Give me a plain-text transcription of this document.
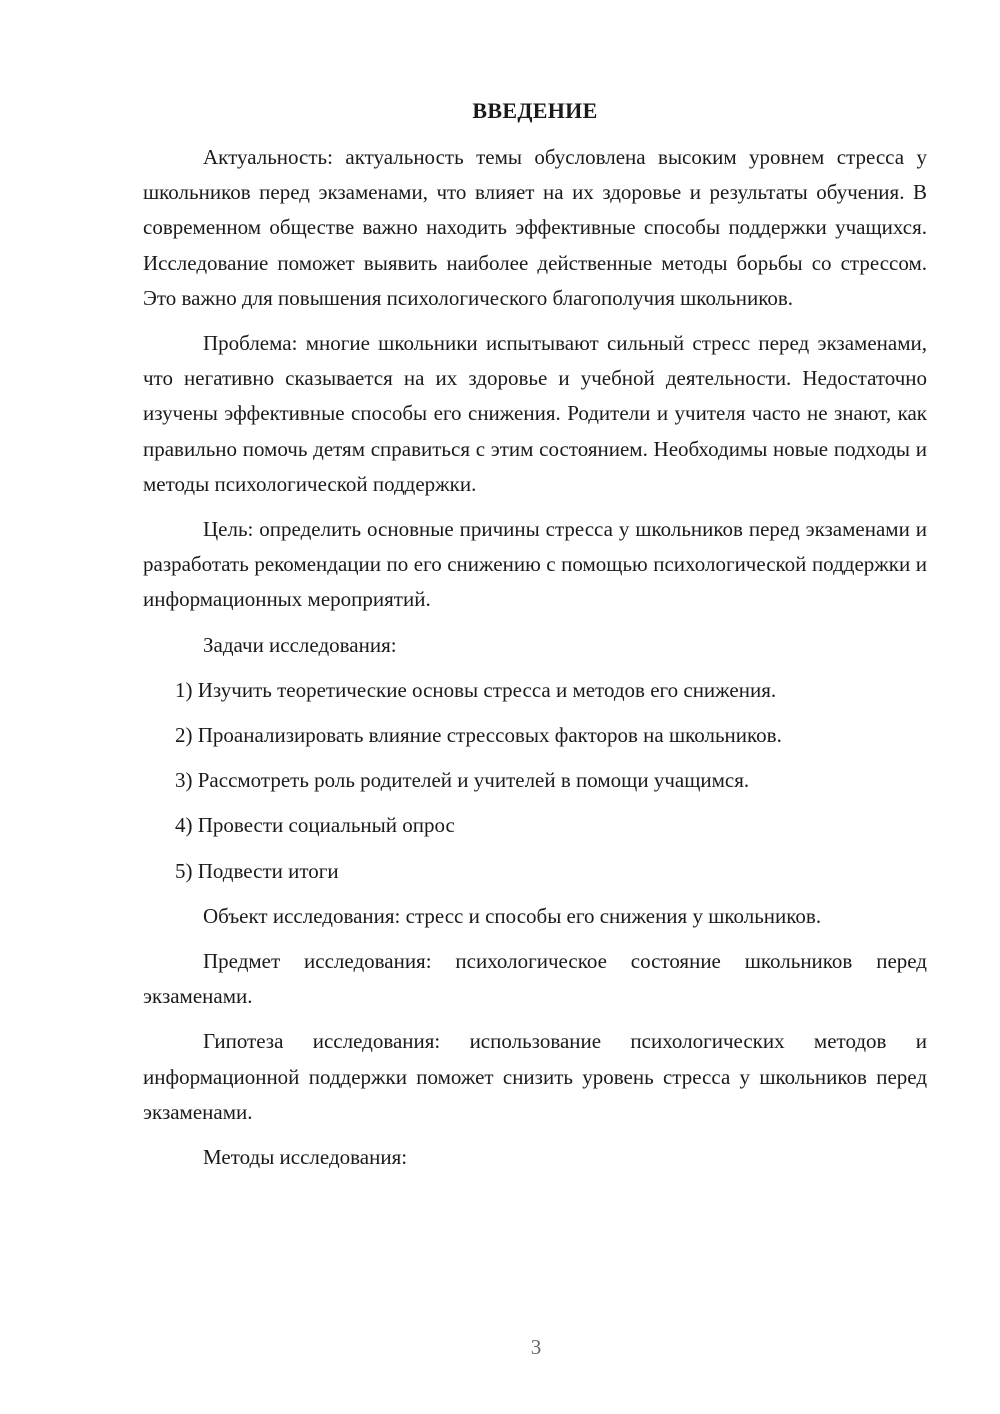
ВВЕДЕНИЕ

Актуальность: актуальность темы обусловлена высоким уровнем стресса у школьников перед экзаменами, что влияет на их здоровье и результаты обучения. В современном обществе важно находить эффективные способы поддержки учащихся. Исследование поможет выявить наиболее действенные методы борьбы со стрессом. Это важно для повышения психологического благополучия школьников.

Проблема: многие школьники испытывают сильный стресс перед экзаменами, что негативно сказывается на их здоровье и учебной деятельности. Недостаточно изучены эффективные способы его снижения. Родители и учителя часто не знают, как правильно помочь детям справиться с этим состоянием. Необходимы новые подходы и методы психологической поддержки.

Цель: определить основные причины стресса у школьников перед экзаменами и разработать рекомендации по его снижению с помощью психологической поддержки и информационных мероприятий.

Задачи исследования:

1) Изучить теоретические основы стресса и методов его снижения.

2) Проанализировать влияние стрессовых факторов на школьников.

3) Рассмотреть роль родителей и учителей в помощи учащимся.

4) Провести социальный опрос

5) Подвести итоги

Объект исследования: стресс и способы его снижения у школьников.

Предмет исследования: психологическое состояние школьников перед экзаменами.

Гипотеза исследования: использование психологических методов и информационной поддержки поможет снизить уровень стресса у школьников перед экзаменами.

Методы исследования:

3
